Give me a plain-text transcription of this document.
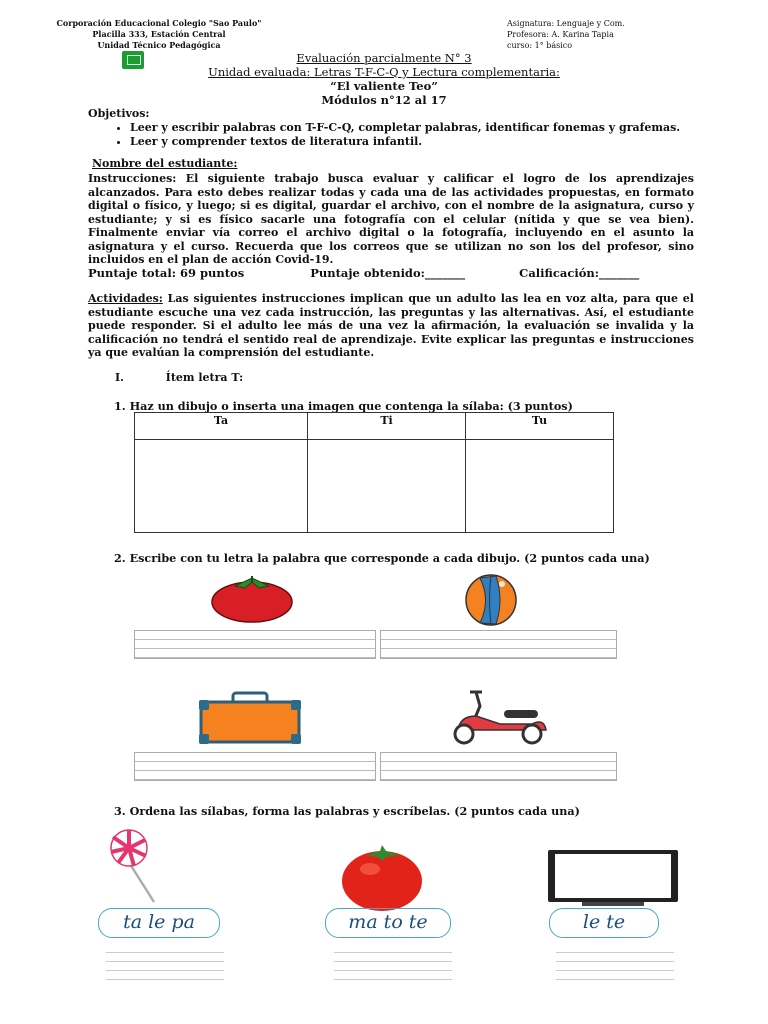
Corporación Educacional Colegio "Sao Paulo"
Placilla 333, Estación Central
Unidad Técnico Pedagógica
Asignatura: Lenguaje y Com.
Profesora: A. Karina Tapia
curso: 1° básico
Evaluación parcialmente N° 3
Unidad evaluada: Letras T-F-C-Q y Lectura complementaria:
“El valiente Teo”
Módulos n°12 al 17
Objetivos:
• Leer y escribir palabras con T-F-C-Q, completar palabras, identificar fonemas y grafemas.
• Leer y comprender textos de literatura infantil.
Nombre del estudiante:
Instrucciones: El siguiente trabajo busca evaluar y calificar el logro de los aprendizajes alcanzados. Para esto debes realizar todas y cada una de las actividades propuestas, en formato digital o físico, y luego; si es digital, guardar el archivo, con el nombre de la asignatura, curso y estudiante; y si es físico sacarle una fotografía con el celular (nítida y que se vea bien). Finalmente enviar vía correo el archivo digital o la fotografía, incluyendo en el asunto la asignatura y el curso. Recuerda que los correos que se utilizan no son los del profesor, sino incluidos en el plan de acción Covid-19.
Puntaje total: 69 puntos	Puntaje obtenido:_______	Calificación:_______
Actividades: Las siguientes instrucciones implican que un adulto las lea en voz alta, para que el estudiante escuche una vez cada instrucción, las preguntas y las alternativas. Así, el estudiante puede responder. Si el adulto lee más de una vez la afirmación, la evaluación se invalida y la calificación no tendrá el sentido real de aprendizaje. Evite explicar las preguntas e instrucciones ya que evalúan la comprensión del estudiante.
I.	Ítem letra T:
1. Haz un dibujo o inserta una imagen que contenga la sílaba: (3 puntos)
Ta	Ti	Tu

2. Escribe con tu letra la palabra que corresponde a cada dibujo. (2 puntos cada una)
3. Ordena las sílabas, forma las palabras y escríbelas. (2 puntos cada una)
ta le pa	ma to te	le te
